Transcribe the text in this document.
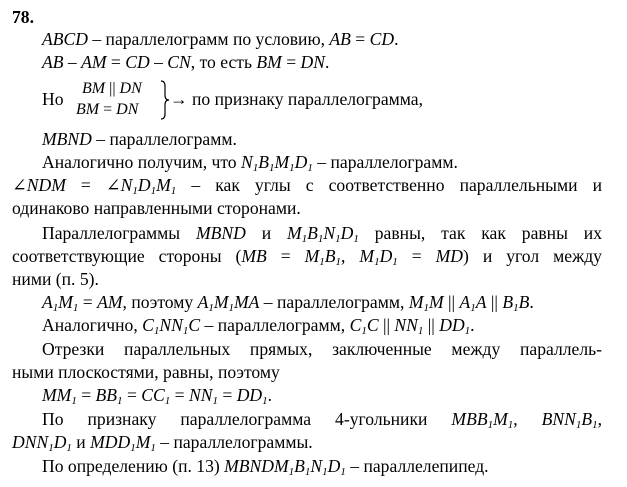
78.
ABCD – параллелограмм по условию, AB = CD.
AB – AM = CD – CN, то есть BM = DN.
Но
BM || DN
BM = DN
→ по признаку параллелограмма,
MBND – параллелограмм.
Аналогично получим, что $N_1B_1M_1D_1$ – параллелограмм.
∠NDM = $\angle N_1D_1M_1$ – как углы с соответственно параллельными и
одинаково направленными сторонами.
Параллелограммы MBND и $M_1B_1N_1D_1$ равны, так как равны их
соответствующие стороны ($MB = M_1B_1$, $M_1D_1 = MD$) и угол между
ними (п. 5).
$A_1M_1$ = AM, поэтому $A_1M_1MA$ – параллелограмм, $M_1M$ || $A_1A$ || $B_1B$.
Аналогично, $C_1NN_1C$ – параллелограмм, $C_1C$ || $NN_1$ || $DD_1$.
Отрезки параллельных прямых, заключенные между параллель-
ными плоскостями, равны, поэтому
$MM_1 = BB_1 = CC_1 = NN_1 = DD_1$.
По признаку параллелограмма 4-угольники $MBB_1M_1$, $BNN_1B_1$,
$DNN_1D_1$ и $MDD_1M_1$ – параллелограммы.
По определению (п. 13) $MBNDM_1B_1N_1D_1$ – параллелепипед.
